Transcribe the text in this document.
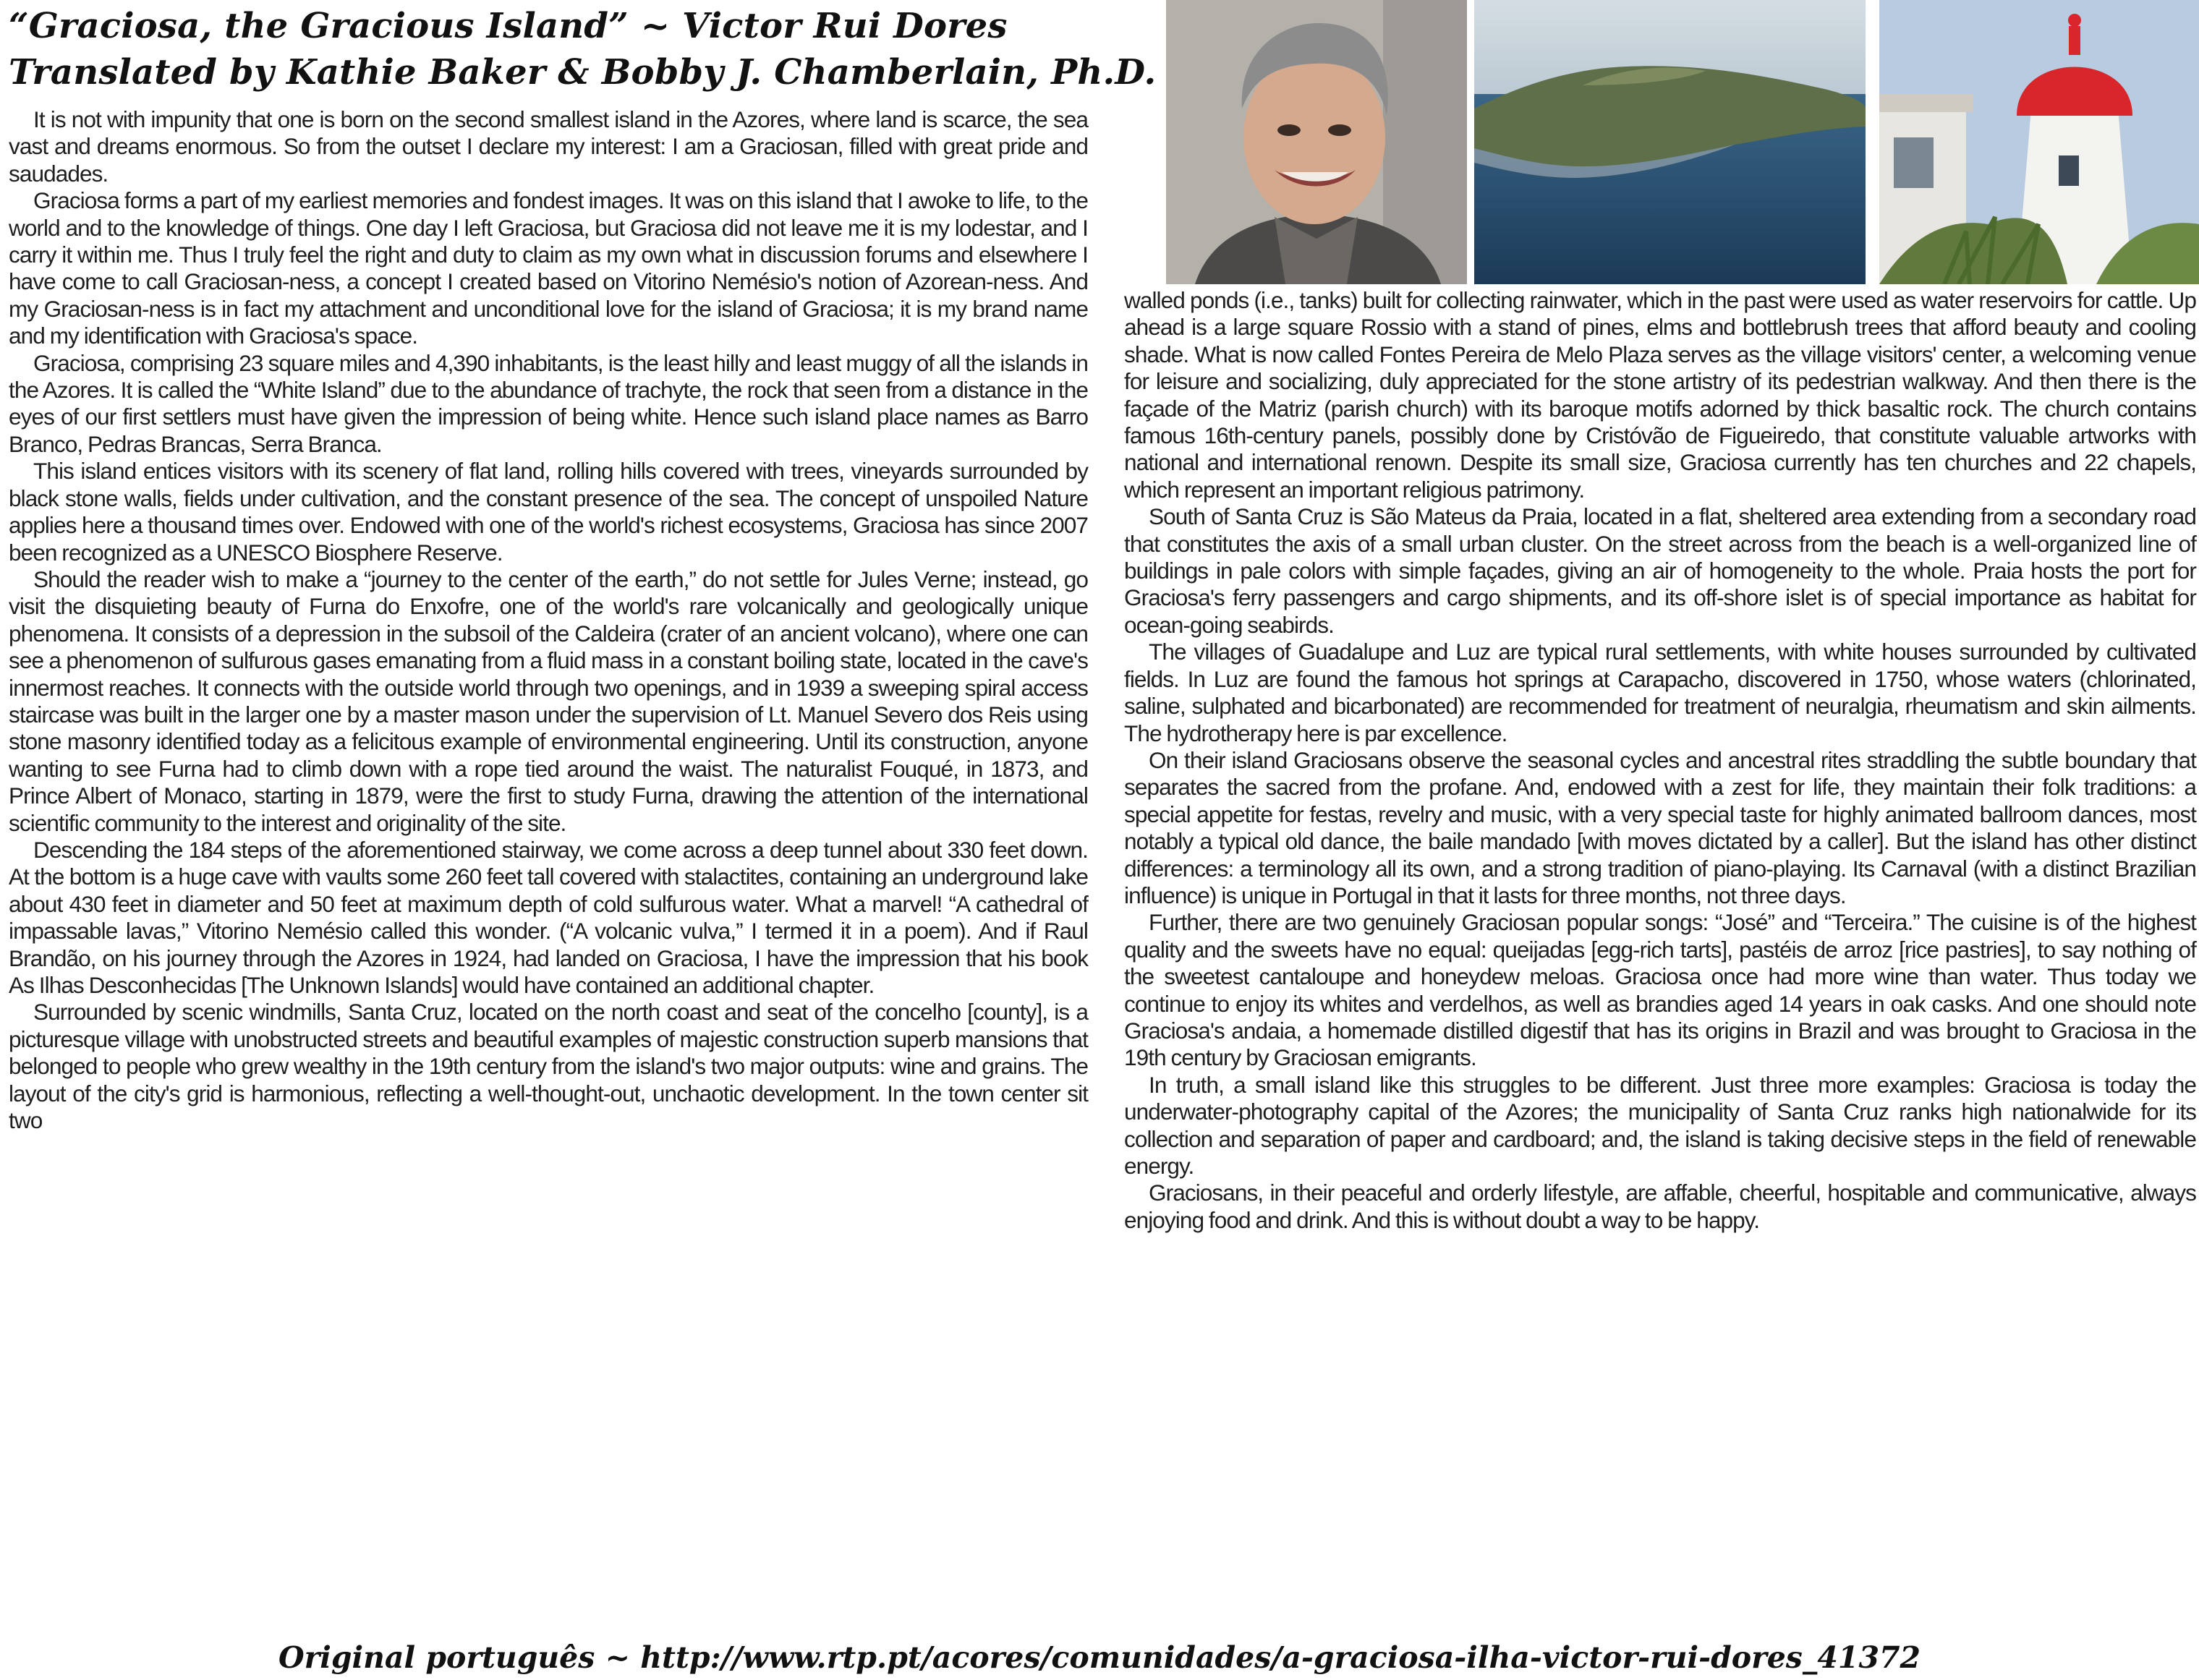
“Graciosa, the Gracious Island” ~ Victor Rui Dores
Translated by Kathie Baker & Bobby J. Chamberlain, Ph.D.

It is not with impunity that one is born on the second smallest island in the Azores, where land is scarce, the sea vast and dreams enormous. So from the outset I declare my interest: I am a Graciosan, filled with great pride and saudades.

Graciosa forms a part of my earliest memories and fondest images. It was on this island that I awoke to life, to the world and to the knowledge of things. One day I left Graciosa, but Graciosa did not leave me it is my lodestar, and I carry it within me. Thus I truly feel the right and duty to claim as my own what in discussion forums and elsewhere I have come to call Graciosan-ness, a concept I created based on Vitorino Nemésio's notion of Azorean-ness. And my Graciosan-ness is in fact my attachment and unconditional love for the island of Graciosa; it is my brand name and my identification with Graciosa's space.

Graciosa, comprising 23 square miles and 4,390 inhabitants, is the least hilly and least muggy of all the islands in the Azores. It is called the “White Island” due to the abundance of trachyte, the rock that seen from a distance in the eyes of our first settlers must have given the impression of being white. Hence such island place names as Barro Branco, Pedras Brancas, Serra Branca.

This island entices visitors with its scenery of flat land, rolling hills covered with trees, vineyards surrounded by black stone walls, fields under cultivation, and the constant presence of the sea. The concept of unspoiled Nature applies here a thousand times over. Endowed with one of the world's richest ecosystems, Graciosa has since 2007 been recognized as a UNESCO Biosphere Reserve.

Should the reader wish to make a “journey to the center of the earth,” do not settle for Jules Verne; instead, go visit the disquieting beauty of Furna do Enxofre, one of the world's rare volcanically and geologically unique phenomena. It consists of a depression in the subsoil of the Caldeira (crater of an ancient volcano), where one can see a phenomenon of sulfurous gases emanating from a fluid mass in a constant boiling state, located in the cave's innermost reaches. It connects with the outside world through two openings, and in 1939 a sweeping spiral access staircase was built in the larger one by a master mason under the supervision of Lt. Manuel Severo dos Reis using stone masonry identified today as a felicitous example of environmental engineering. Until its construction, anyone wanting to see Furna had to climb down with a rope tied around the waist. The naturalist Fouqué, in 1873, and Prince Albert of Monaco, starting in 1879, were the first to study Furna, drawing the attention of the international scientific community to the interest and originality of the site.

Descending the 184 steps of the aforementioned stairway, we come across a deep tunnel about 330 feet down. At the bottom is a huge cave with vaults some 260 feet tall covered with stalactites, containing an underground lake about 430 feet in diameter and 50 feet at maximum depth of cold sulfurous water. What a marvel! “A cathedral of impassable lavas,” Vitorino Nemésio called this wonder. (“A volcanic vulva,” I termed it in a poem). And if Raul Brandão, on his journey through the Azores in 1924, had landed on Graciosa, I have the impression that his book As Ilhas Desconhecidas [The Unknown Islands] would have contained an additional chapter.

Surrounded by scenic windmills, Santa Cruz, located on the north coast and seat of the concelho [county], is a picturesque village with unobstructed streets and beautiful examples of majestic construction superb mansions that belonged to people who grew wealthy in the 19th century from the island's two major outputs: wine and grains. The layout of the city's grid is harmonious, reflecting a well-thought-out, unchaotic development. In the town center sit two

walled ponds (i.e., tanks) built for collecting rainwater, which in the past were used as water reservoirs for cattle. Up ahead is a large square Rossio with a stand of pines, elms and bottlebrush trees that afford beauty and cooling shade. What is now called Fontes Pereira de Melo Plaza serves as the village visitors' center, a welcoming venue for leisure and socializing, duly appreciated for the stone artistry of its pedestrian walkway. And then there is the façade of the Matriz (parish church) with its baroque motifs adorned by thick basaltic rock. The church contains famous 16th-century panels, possibly done by Cristóvão de Figueiredo, that constitute valuable artworks with national and international renown. Despite its small size, Graciosa currently has ten churches and 22 chapels, which represent an important religious patrimony.

South of Santa Cruz is São Mateus da Praia, located in a flat, sheltered area extending from a secondary road that constitutes the axis of a small urban cluster. On the street across from the beach is a well-organized line of buildings in pale colors with simple façades, giving an air of homogeneity to the whole. Praia hosts the port for Graciosa's ferry passengers and cargo shipments, and its off-shore islet is of special importance as habitat for ocean-going seabirds.

The villages of Guadalupe and Luz are typical rural settlements, with white houses surrounded by cultivated fields. In Luz are found the famous hot springs at Carapacho, discovered in 1750, whose waters (chlorinated, saline, sulphated and bicarbonated) are recommended for treatment of neuralgia, rheumatism and skin ailments. The hydrotherapy here is par excellence.

On their island Graciosans observe the seasonal cycles and ancestral rites straddling the subtle boundary that separates the sacred from the profane. And, endowed with a zest for life, they maintain their folk traditions: a special appetite for festas, revelry and music, with a very special taste for highly animated ballroom dances, most notably a typical old dance, the baile mandado [with moves dictated by a caller]. But the island has other distinct differences: a terminology all its own, and a strong tradition of piano-playing. Its Carnaval (with a distinct Brazilian influence) is unique in Portugal in that it lasts for three months, not three days.

Further, there are two genuinely Graciosan popular songs: “José” and “Terceira.” The cuisine is of the highest quality and the sweets have no equal: queijadas [egg-rich tarts], pastéis de arroz [rice pastries], to say nothing of the sweetest cantaloupe and honeydew meloas. Graciosa once had more wine than water. Thus today we continue to enjoy its whites and verdelhos, as well as brandies aged 14 years in oak casks. And one should note Graciosa's andaia, a homemade distilled digestif that has its origins in Brazil and was brought to Graciosa in the 19th century by Graciosan emigrants.

In truth, a small island like this struggles to be different. Just three more examples: Graciosa is today the underwater-photography capital of the Azores; the municipality of Santa Cruz ranks high nationalwide for its collection and separation of paper and cardboard; and, the island is taking decisive steps in the field of renewable energy.

Graciosans, in their peaceful and orderly lifestyle, are affable, cheerful, hospitable and communicative, always enjoying food and drink. And this is without doubt a way to be happy.

Original português ~ http://www.rtp.pt/acores/comunidades/a-graciosa-ilha-victor-rui-dores_41372
